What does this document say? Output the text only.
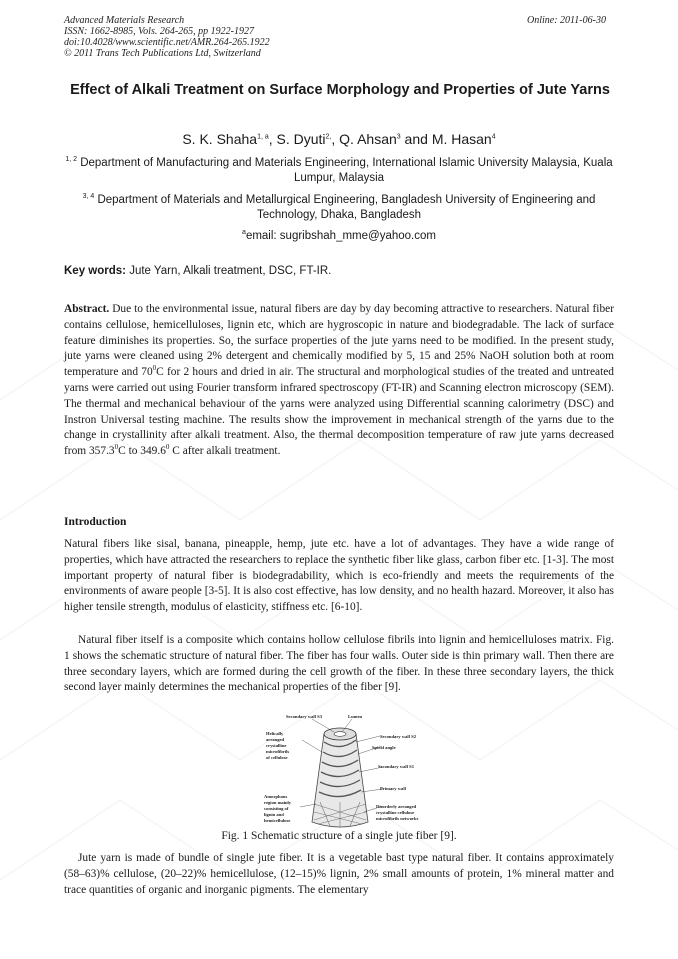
Advanced Materials Research
ISSN: 1662-8985, Vols. 264-265, pp 1922-1927
doi:10.4028/www.scientific.net/AMR.264-265.1922
© 2011 Trans Tech Publications Ltd, Switzerland
Online: 2011-06-30
Effect of Alkali Treatment on Surface Morphology and Properties of Jute Yarns
S. K. Shaha$^{1, a}$, S. Dyuti$^{2,}$, Q. Ahsan$^3$ and M. Hasan$^4$
$^{1, 2}$ Department of Manufacturing and Materials Engineering, International Islamic University Malaysia, Kuala Lumpur, Malaysia
$^{3, 4}$ Department of Materials and Metallurgical Engineering, Bangladesh University of Engineering and Technology, Dhaka, Bangladesh
$^a$email: sugribshah_mme@yahoo.com
Key words: Jute Yarn, Alkali treatment, DSC, FT-IR.
Abstract. Due to the environmental issue, natural fibers are day by day becoming attractive to researchers. Natural fiber contains cellulose, hemicelluloses, lignin etc, which are hygroscopic in nature and biodegradable. The lack of surface feature diminishes its properties. So, the surface properties of the jute yarns need to be modified. In the present study, jute yarns were cleaned using 2% detergent and chemically modified by 5, 15 and 25% NaOH solution both at room temperature and $70^0C$ for 2 hours and dried in air. The structural and morphological studies of the treated and untreated yarns were carried out using Fourier transform infrared spectroscopy (FT-IR) and Scanning electron microscopy (SEM). The thermal and mechanical behaviour of the yarns were analyzed using Differential scanning calorimetry (DSC) and Instron Universal testing machine. The results show the improvement in mechanical strength of the yarns due to the change in crystallinity after alkali treatment. Also, the thermal decomposition temperature of raw jute yarns decreased from 357.3$^0$C to 349.6$^0$ C after alkali treatment.
Introduction
Natural fibers like sisal, banana, pineapple, hemp, jute etc. have a lot of advantages. They have a wide range of properties, which have attracted the researchers to replace the synthetic fiber like glass, carbon fiber etc. [1-3]. The most important property of natural fiber is biodegradability, which is eco-friendly and meets the requirements of the environments of aware people [3-5]. It is also cost effective, has low density, and no health hazard. Moreover, it also has higher tensile strength, modulus of elasticity, stiffness etc. [6-10].
Natural fiber itself is a composite which contains hollow cellulose fibrils into lignin and hemicelluloses matrix. Fig. 1 shows the schematic structure of natural fiber. The fiber has four walls. Outer side is thin primary wall. Then there are three secondary layers, which are formed during the cell growth of the fiber. In these three secondary layers, the thick second layer mainly determines the mechanical properties of the fiber [9].
Secondary wall S3	Lumen
Secondary wall S2
Spiral angle
Secondary wall S1
Primary wall
Helically
arranged
crystalline
microfibrils
of cellulose
Amorphous
region mainly
consisting of
lignin and
hemicellulose
Disorderly arranged
crystalline cellulose
microfibrils networks
Fig. 1 Schematic structure of a single jute fiber [9].
Jute yarn is made of bundle of single jute fiber. It is a vegetable bast type natural fiber. It contains approximately (58–63)% cellulose, (20–22)% hemicellulose, (12–15)% lignin, 2% small amounts of protein, 1% mineral matter and trace quantities of organic and inorganic pigments. The elementary
